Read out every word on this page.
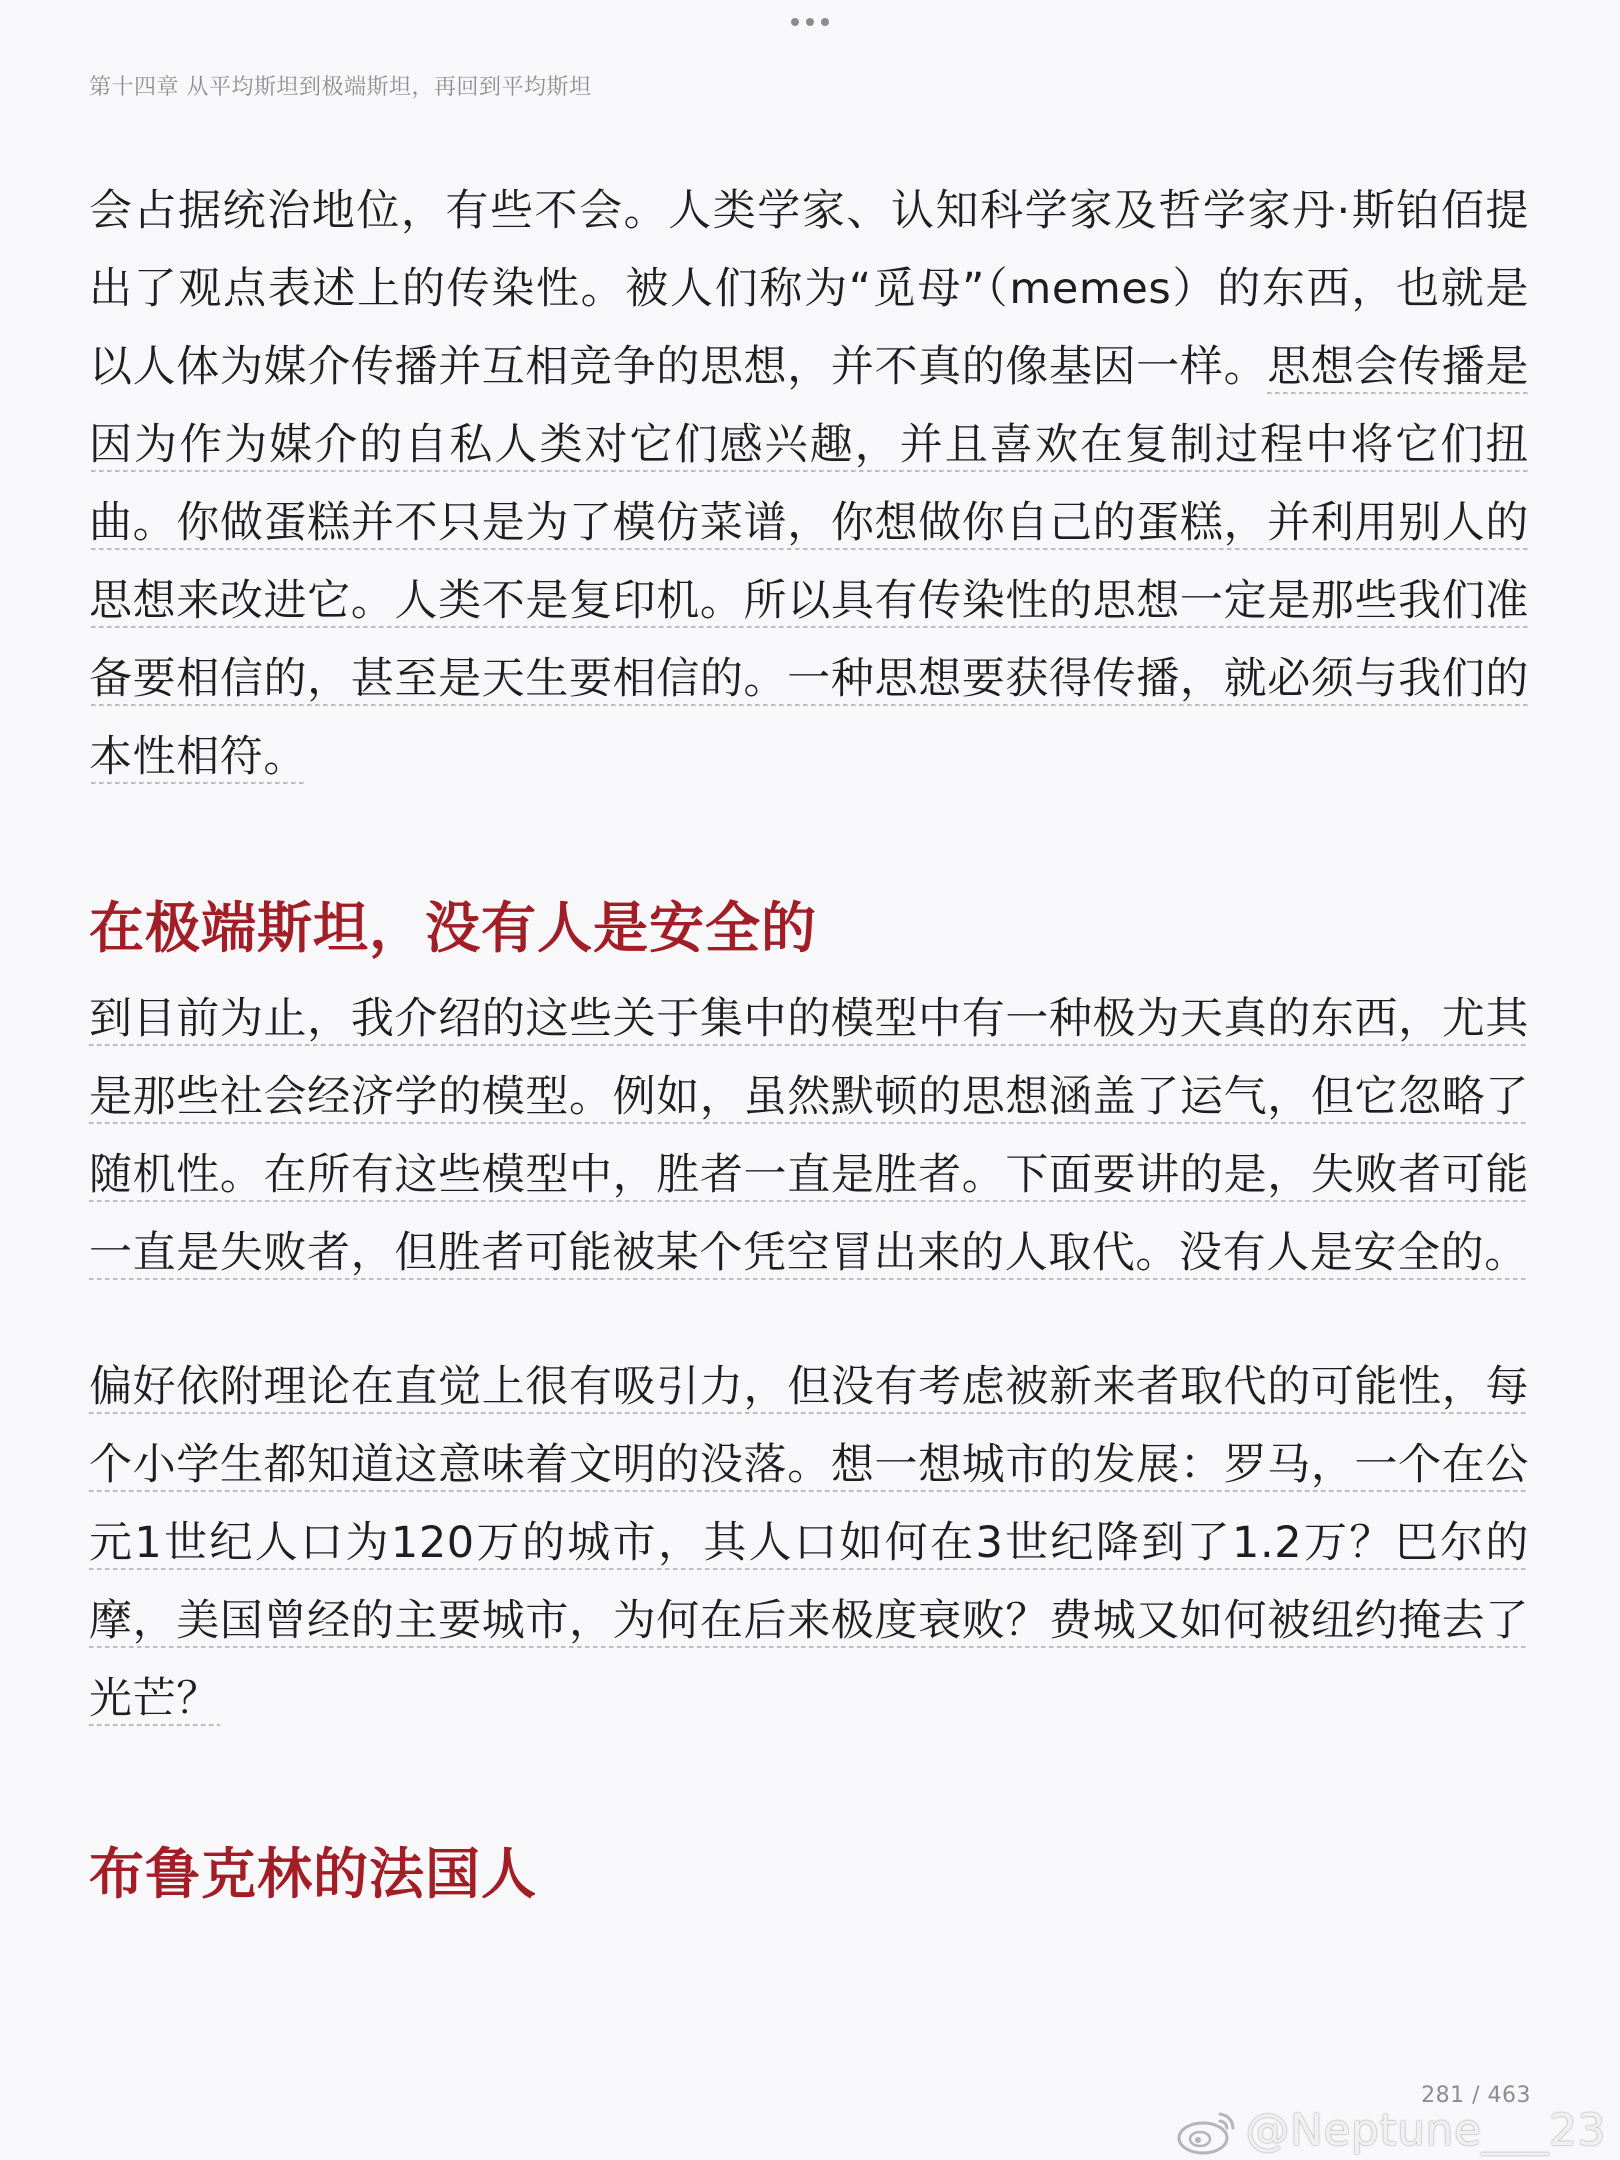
第十四章 从平均斯坦到极端斯坦，再回到平均斯坦

会占据统治地位，有些不会。人类学家、认知科学家及哲学家丹·斯铂佰提出了观点表述上的传染性。被人们称为“觅母”（memes）的东西，也就是以人体为媒介传播并互相竞争的思想，并不真的像基因一样。思想会传播是因为作为媒介的自私人类对它们感兴趣，并且喜欢在复制过程中将它们扭曲。你做蛋糕并不只是为了模仿菜谱，你想做你自己的蛋糕，并利用别人的思想来改进它。人类不是复印机。所以具有传染性的思想一定是那些我们准备要相信的，甚至是天生要相信的。一种思想要获得传播，就必须与我们的本性相符。

在极端斯坦，没有人是安全的

到目前为止，我介绍的这些关于集中的模型中有一种极为天真的东西，尤其是那些社会经济学的模型。例如，虽然默顿的思想涵盖了运气，但它忽略了随机性。在所有这些模型中，胜者一直是胜者。下面要讲的是，失败者可能一直是失败者，但胜者可能被某个凭空冒出来的人取代。没有人是安全的。

偏好依附理论在直觉上很有吸引力，但没有考虑被新来者取代的可能性，每个小学生都知道这意味着文明的没落。想一想城市的发展：罗马，一个在公元1世纪人口为120万的城市，其人口如何在3世纪降到了1.2万？巴尔的摩，美国曾经的主要城市，为何在后来极度衰败？费城又如何被纽约掩去了光芒？

布鲁克林的法国人
281 / 463
@Neptune___23
